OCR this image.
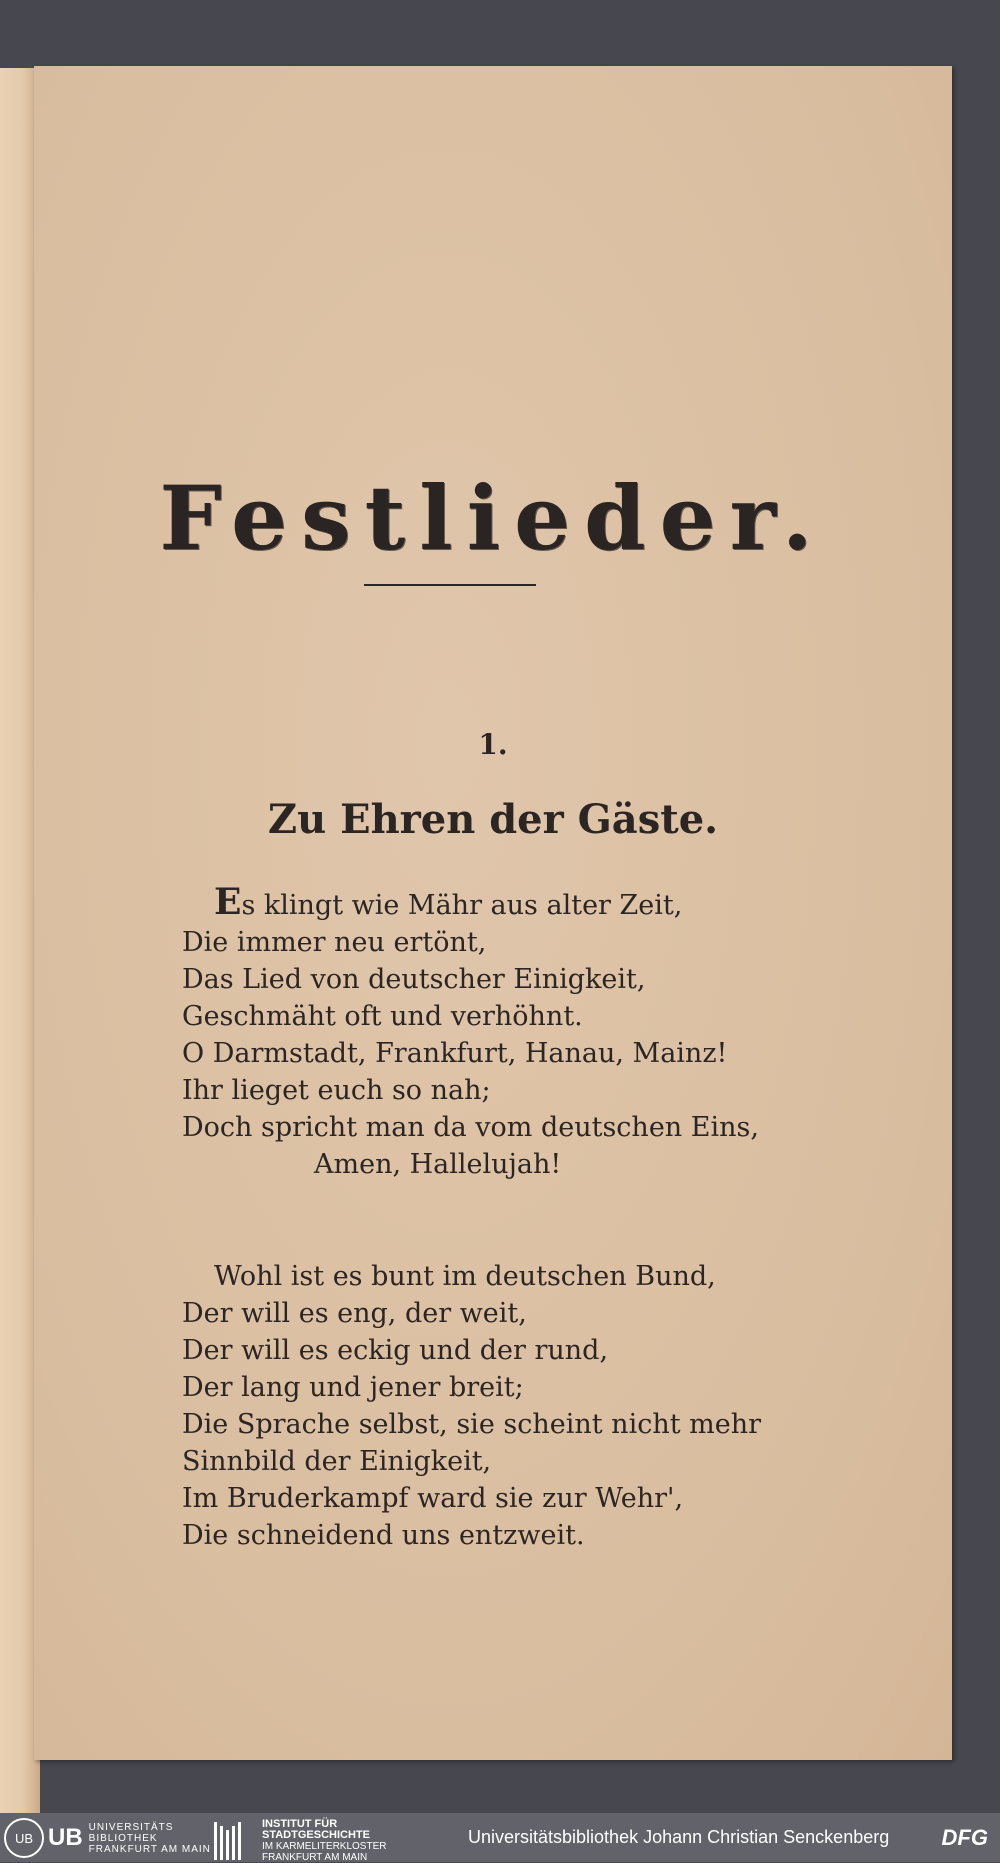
Festlieder.
1.
Zu Ehren der Gäste.
Es klingt wie Mähr aus alter Zeit,
Die immer neu ertönt,
Das Lied von deutscher Einigkeit,
Geschmäht oft und verhöhnt.
O Darmstadt, Frankfurt, Hanau, Mainz!
Ihr lieget euch so nah;
Doch spricht man da vom deutschen Eins,
Amen, Hallelujah!
Wohl ist es bunt im deutschen Bund,
Der will es eng, der weit,
Der will es eckig und der rund,
Der lang und jener breit;
Die Sprache selbst, sie scheint nicht mehr
Sinnbild der Einigkeit,
Im Bruderkampf ward sie zur Wehr',
Die schneidend uns entzweit.
UB UB UNIVERSITÄTS
BIBLIOTHEK
FRANKFURT AM MAIN
INSTITUT FÜR
STADTGESCHICHTE
IM KARMELITERKLOSTER
FRANKFURT AM MAIN
Universitätsbibliothek Johann Christian Senckenberg DFG
